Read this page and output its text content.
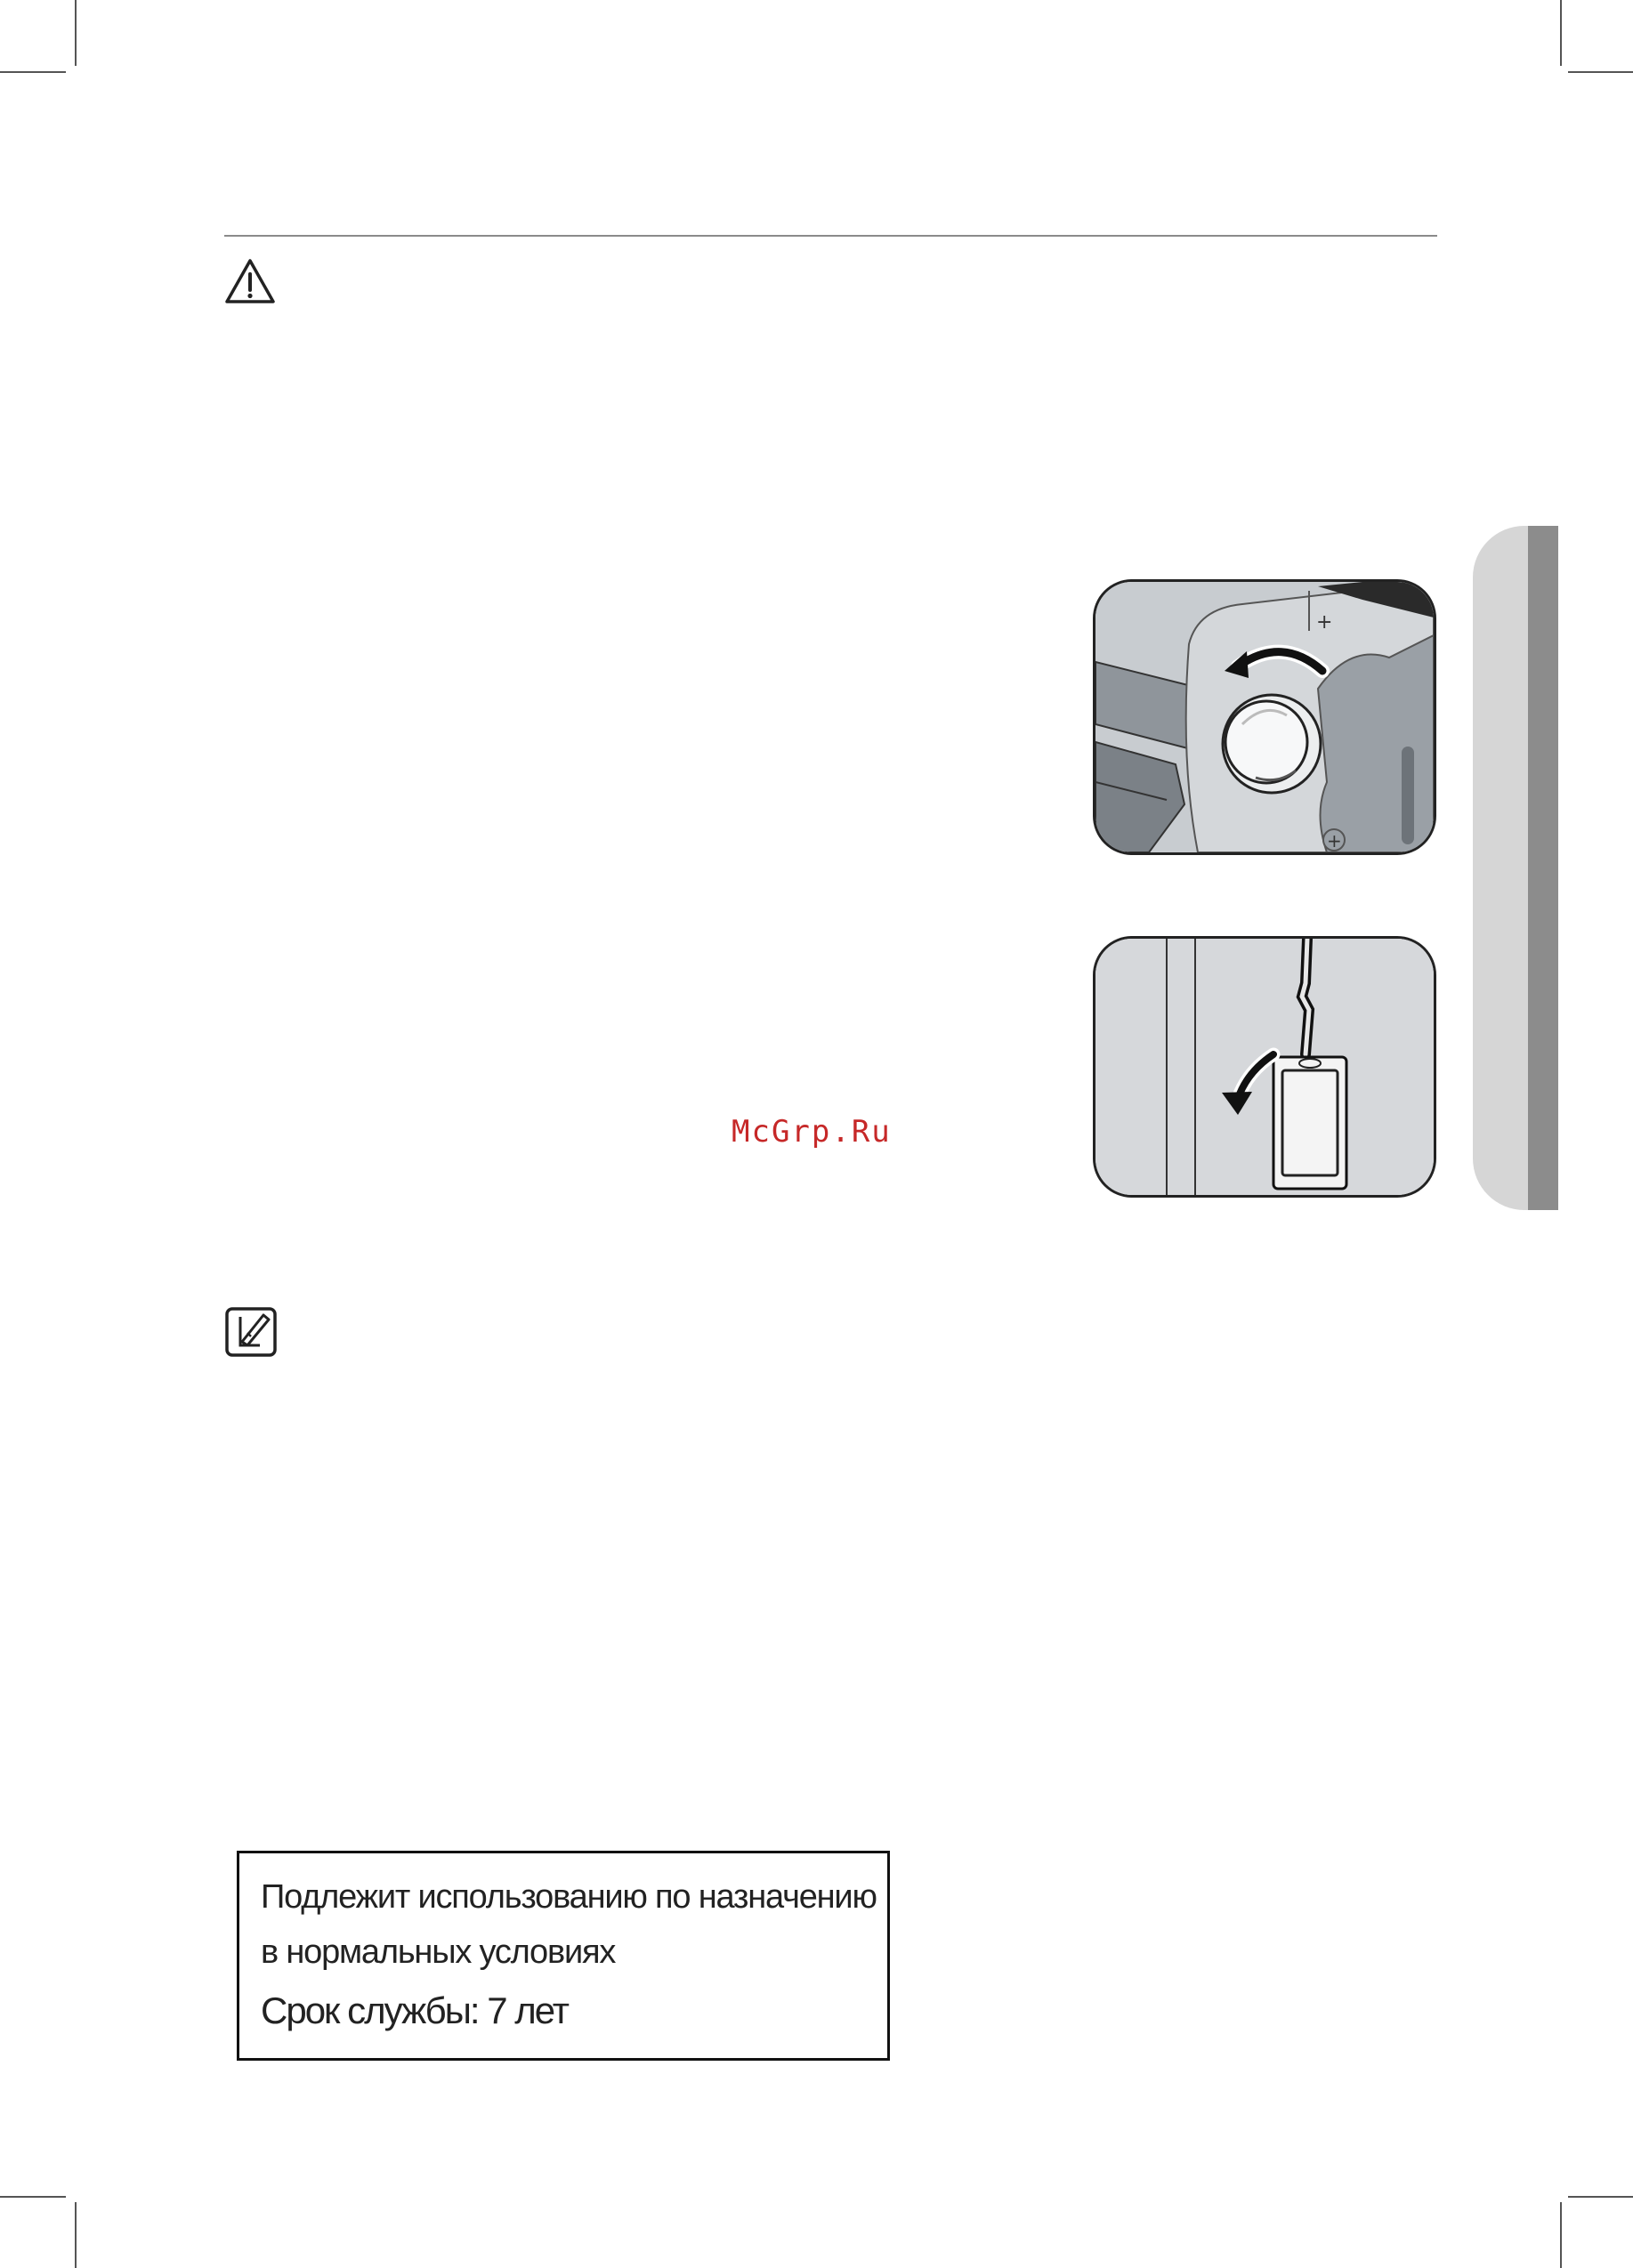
+
+
McGrp.Ru
Подлежит использованию по назначению
в нормальных условиях
Срок службы: 7 лет
